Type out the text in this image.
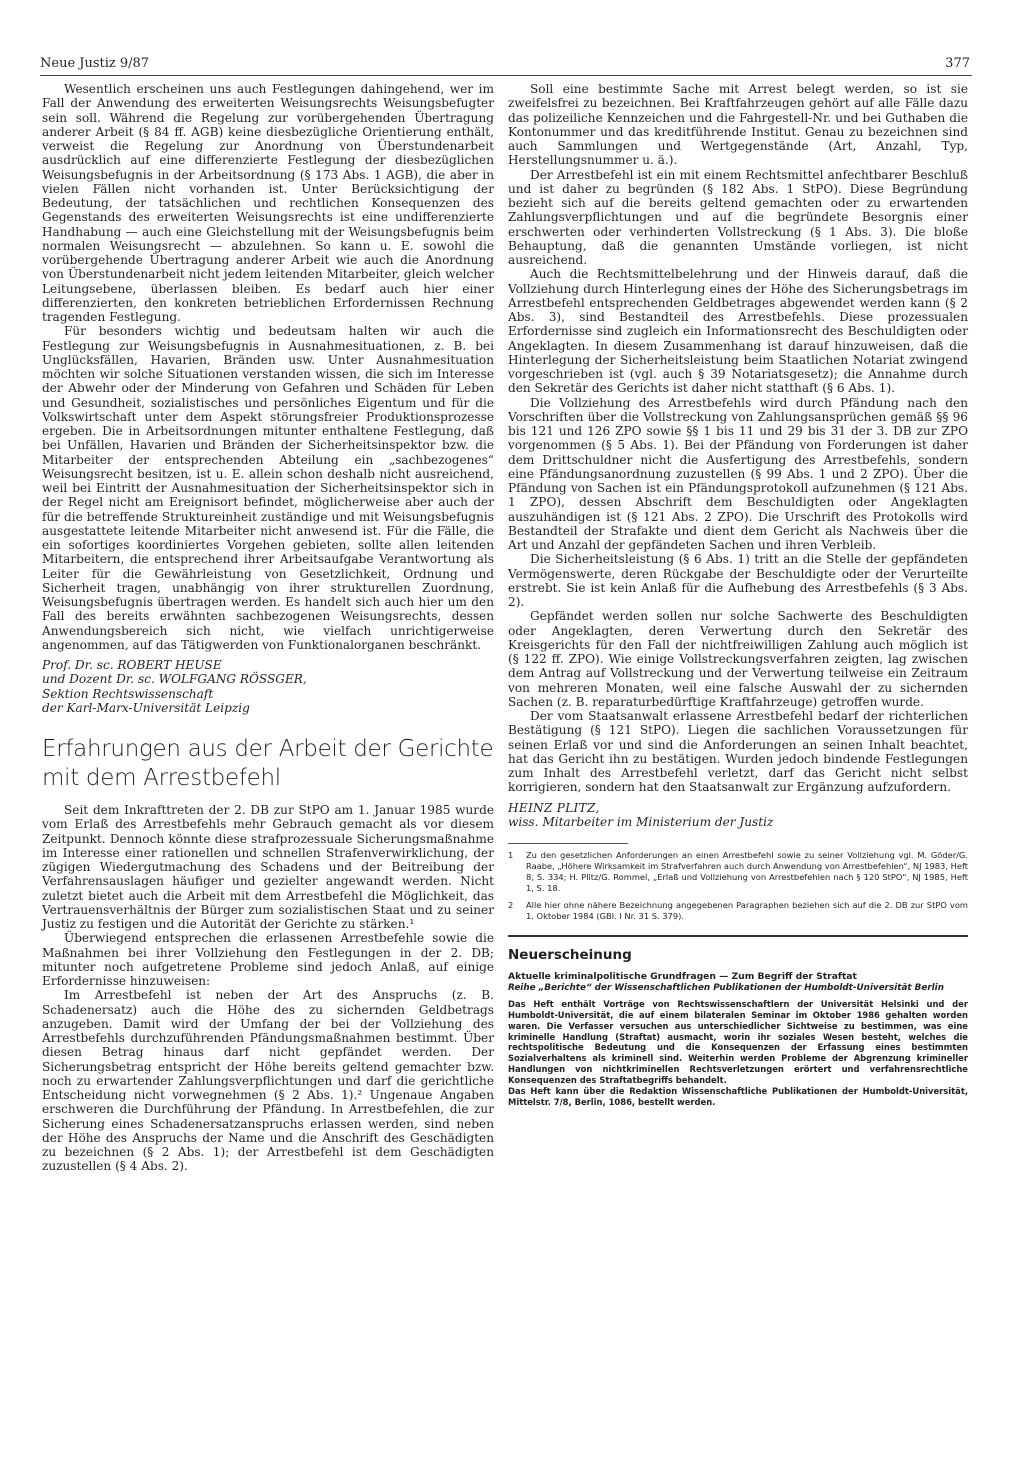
Neue Justiz 9/87	377

Wesentlich erscheinen uns auch Festlegungen dahingehend, wer im Fall der Anwendung des erweiterten Weisungsrechts Weisungsbefugter sein soll. Während die Regelung zur vorübergehenden Übertragung anderer Arbeit (§ 84 ff. AGB) keine diesbezügliche Orientierung enthält, verweist die Regelung zur Anordnung von Überstundenarbeit ausdrücklich auf eine differenzierte Festlegung der diesbezüglichen Weisungsbefugnis in der Arbeitsordnung (§ 173 Abs. 1 AGB), die aber in vielen Fällen nicht vorhanden ist. Unter Berücksichtigung der Bedeutung, der tatsächlichen und rechtlichen Konsequenzen des Gegenstands des erweiterten Weisungsrechts ist eine undifferenzierte Handhabung — auch eine Gleichstellung mit der Weisungsbefugnis beim normalen Weisungsrecht — abzulehnen. So kann u. E. sowohl die vorübergehende Übertragung anderer Arbeit wie auch die Anordnung von Überstundenarbeit nicht jedem leitenden Mitarbeiter, gleich welcher Leitungsebene, überlassen bleiben. Es bedarf auch hier einer differenzierten, den konkreten betrieblichen Erfordernissen Rechnung tragenden Festlegung.

Für besonders wichtig und bedeutsam halten wir auch die Festlegung zur Weisungsbefugnis in Ausnahmesituationen, z. B. bei Unglücksfällen, Havarien, Bränden usw. Unter Ausnahmesituation möchten wir solche Situationen verstanden wissen, die sich im Interesse der Abwehr oder der Minderung von Gefahren und Schäden für Leben und Gesundheit, sozialistisches und persönliches Eigentum und für die Volkswirtschaft unter dem Aspekt störungsfreier Produktionsprozesse ergeben. Die in Arbeitsordnungen mitunter enthaltene Festlegung, daß bei Unfällen, Havarien und Bränden der Sicherheitsinspektor bzw. die Mitarbeiter der entsprechenden Abteilung ein „sachbezogenes“ Weisungsrecht besitzen, ist u. E. allein schon deshalb nicht ausreichend, weil bei Eintritt der Ausnahmesituation der Sicherheitsinspektor sich in der Regel nicht am Ereignisort befindet, möglicherweise aber auch der für die betreffende Struktureinheit zuständige und mit Weisungsbefugnis ausgestattete leitende Mitarbeiter nicht anwesend ist. Für die Fälle, die ein sofortiges koordiniertes Vorgehen gebieten, sollte allen leitenden Mitarbeitern, die entsprechend ihrer Arbeitsaufgabe Verantwortung als Leiter für die Gewährleistung von Gesetzlichkeit, Ordnung und Sicherheit tragen, unabhängig von ihrer strukturellen Zuordnung, Weisungsbefugnis übertragen werden. Es handelt sich auch hier um den Fall des bereits erwähnten sachbezogenen Weisungsrechts, dessen Anwendungsbereich sich nicht, wie vielfach unrichtigerweise angenommen, auf das Tätigwerden von Funktionalorganen beschränkt.

Prof. Dr. sc. ROBERT HEUSE
und Dozent Dr. sc. WOLFGANG RÖSSGER,
Sektion Rechtswissenschaft
der Karl-Marx-Universität Leipzig
Erfahrungen aus der Arbeit der Gerichte
mit dem Arrestbefehl

Seit dem Inkrafttreten der 2. DB zur StPO am 1. Januar 1985 wurde vom Erlaß des Arrestbefehls mehr Gebrauch gemacht als vor diesem Zeitpunkt. Dennoch könnte diese strafprozessuale Sicherungsmaßnahme im Interesse einer rationellen und schnellen Strafenverwirklichung, der zügigen Wiedergutmachung des Schadens und der Beitreibung der Verfahrensauslagen häufiger und gezielter angewandt werden. Nicht zuletzt bietet auch die Arbeit mit dem Arrestbefehl die Möglichkeit, das Vertrauensverhältnis der Bürger zum sozialistischen Staat und zu seiner Justiz zu festigen und die Autorität der Gerichte zu stärken.¹

Überwiegend entsprechen die erlassenen Arrestbefehle sowie die Maßnahmen bei ihrer Vollziehung den Festlegungen in der 2. DB; mitunter noch aufgetretene Probleme sind jedoch Anlaß, auf einige Erfordernisse hinzuweisen:

Im Arrestbefehl ist neben der Art des Anspruchs (z. B. Schadenersatz) auch die Höhe des zu sichernden Geldbetrags anzugeben. Damit wird der Umfang der bei der Vollziehung des Arrestbefehls durchzuführenden Pfändungsmaßnahmen bestimmt. Über diesen Betrag hinaus darf nicht gepfändet werden. Der Sicherungsbetrag entspricht der Höhe bereits geltend gemachter bzw. noch zu erwartender Zahlungsverpflichtungen und darf die gerichtliche Entscheidung nicht vorwegnehmen (§ 2 Abs. 1).² Ungenaue Angaben erschweren die Durchführung der Pfändung. In Arrestbefehlen, die zur Sicherung eines Schadenersatzanspruchs erlassen werden, sind neben der Höhe des Anspruchs der Name und die Anschrift des Geschädigten zu bezeichnen (§ 2 Abs. 1); der Arrestbefehl ist dem Geschädigten zuzustellen (§ 4 Abs. 2).

Soll eine bestimmte Sache mit Arrest belegt werden, so ist sie zweifelsfrei zu bezeichnen. Bei Kraftfahrzeugen gehört auf alle Fälle dazu das polizeiliche Kennzeichen und die Fahrgestell-Nr. und bei Guthaben die Kontonummer und das kreditführende Institut. Genau zu bezeichnen sind auch Sammlungen und Wertgegenstände (Art, Anzahl, Typ, Herstellungsnummer u. ä.).

Der Arrestbefehl ist ein mit einem Rechtsmittel anfechtbarer Beschluß und ist daher zu begründen (§ 182 Abs. 1 StPO). Diese Begründung bezieht sich auf die bereits geltend gemachten oder zu erwartenden Zahlungsverpflichtungen und auf die begründete Besorgnis einer erschwerten oder verhinderten Vollstreckung (§ 1 Abs. 3). Die bloße Behauptung, daß die genannten Umstände vorliegen, ist nicht ausreichend.

Auch die Rechtsmittelbelehrung und der Hinweis darauf, daß die Vollziehung durch Hinterlegung eines der Höhe des Sicherungsbetrags im Arrestbefehl entsprechenden Geldbetrages abgewendet werden kann (§ 2 Abs. 3), sind Bestandteil des Arrestbefehls. Diese prozessualen Erfordernisse sind zugleich ein Informationsrecht des Beschuldigten oder Angeklagten. In diesem Zusammenhang ist darauf hinzuweisen, daß die Hinterlegung der Sicherheitsleistung beim Staatlichen Notariat zwingend vorgeschrieben ist (vgl. auch § 39 Notariatsgesetz); die Annahme durch den Sekretär des Gerichts ist daher nicht statthaft (§ 6 Abs. 1).

Die Vollziehung des Arrestbefehls wird durch Pfändung nach den Vorschriften über die Vollstreckung von Zahlungsansprüchen gemäß §§ 96 bis 121 und 126 ZPO sowie §§ 1 bis 11 und 29 bis 31 der 3. DB zur ZPO vorgenommen (§ 5 Abs. 1). Bei der Pfändung von Forderungen ist daher dem Drittschuldner nicht die Ausfertigung des Arrestbefehls, sondern eine Pfändungsanordnung zuzustellen (§ 99 Abs. 1 und 2 ZPO). Über die Pfändung von Sachen ist ein Pfändungsprotokoll aufzunehmen (§ 121 Abs. 1 ZPO), dessen Abschrift dem Beschuldigten oder Angeklagten auszuhändigen ist (§ 121 Abs. 2 ZPO). Die Urschrift des Protokolls wird Bestandteil der Strafakte und dient dem Gericht als Nachweis über die Art und Anzahl der gepfändeten Sachen und ihren Verbleib.

Die Sicherheitsleistung (§ 6 Abs. 1) tritt an die Stelle der gepfändeten Vermögenswerte, deren Rückgabe der Beschuldigte oder der Verurteilte erstrebt. Sie ist kein Anlaß für die Aufhebung des Arrestbefehls (§ 3 Abs. 2).

Gepfändet werden sollen nur solche Sachwerte des Beschuldigten oder Angeklagten, deren Verwertung durch den Sekretär des Kreisgerichts für den Fall der nichtfreiwilligen Zahlung auch möglich ist (§ 122 ff. ZPO). Wie einige Vollstreckungsverfahren zeigten, lag zwischen dem Antrag auf Vollstreckung und der Verwertung teilweise ein Zeitraum von mehreren Monaten, weil eine falsche Auswahl der zu sichernden Sachen (z. B. reparaturbedürftige Kraftfahrzeuge) getroffen wurde.

Der vom Staatsanwalt erlassene Arrestbefehl bedarf der richterlichen Bestätigung (§ 121 StPO). Liegen die sachlichen Voraussetzungen für seinen Erlaß vor und sind die Anforderungen an seinen Inhalt beachtet, hat das Gericht ihn zu bestätigen. Wurden jedoch bindende Festlegungen zum Inhalt des Arrestbefehl verletzt, darf das Gericht nicht selbst korrigieren, sondern hat den Staatsanwalt zur Ergänzung aufzufordern.

HEINZ PLITZ,
wiss. Mitarbeiter im Ministerium der Justiz
1	Zu den gesetzlichen Anforderungen an einen Arrestbefehl sowie zu seiner Vollziehung vgl. M. Göder/G. Raabe, „Höhere Wirksamkeit im Strafverfahren auch durch Anwendung von Arrestbefehlen“, NJ 1983, Heft 8, S. 334; H. Plitz/G. Rommel, „Erlaß und Vollziehung von Arrestbefehlen nach § 120 StPO“, NJ 1985, Heft 1, S. 18.
2	Alle hier ohne nähere Bezeichnung angegebenen Paragraphen beziehen sich auf die 2. DB zur StPO vom 1. Oktober 1984 (GBl. I Nr. 31 S. 379).
Neuerscheinung

Aktuelle kriminalpolitische Grundfragen — Zum Begriff der Straftat

Reihe „Berichte“ der Wissenschaftlichen Publikationen der Humboldt-Universität Berlin

Das Heft enthält Vorträge von Rechtswissenschaftlern der Universität Helsinki und der Humboldt-Universität, die auf einem bilateralen Seminar im Oktober 1986 gehalten worden waren. Die Verfasser versuchen aus unterschiedlicher Sichtweise zu bestimmen, was eine kriminelle Handlung (Straftat) ausmacht, worin ihr soziales Wesen besteht, welches die rechtspolitische Bedeutung und die Konsequenzen der Erfassung eines bestimmten Sozialverhaltens als kriminell sind. Weiterhin werden Probleme der Abgrenzung krimineller Handlungen von nichtkriminellen Rechtsverletzungen erörtert und verfahrensrechtliche Konsequenzen des Straftatbegriffs behandelt.

Das Heft kann über die Redaktion Wissenschaftliche Publikationen der Humboldt-Universität, Mittelstr. 7/8, Berlin, 1086, bestellt werden.
